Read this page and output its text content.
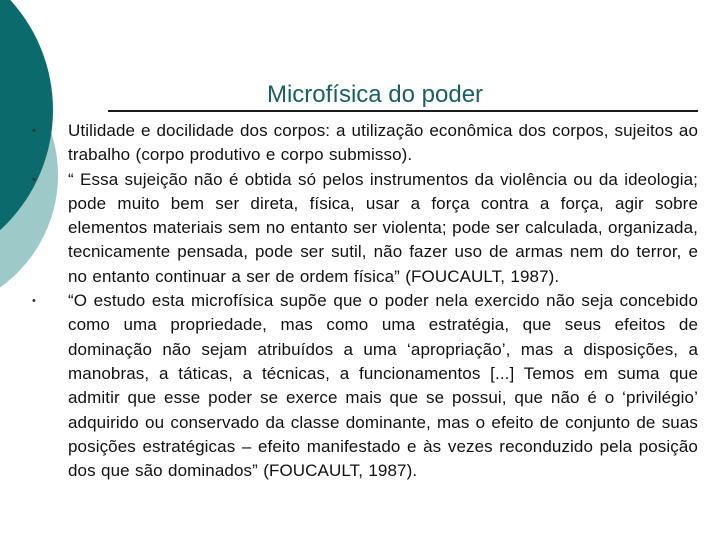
Microfísica do poder
• Utilidade e docilidade dos corpos: a utilização econômica dos corpos, sujeitos ao trabalho (corpo produtivo e corpo submisso).
• “ Essa sujeição não é obtida só pelos instrumentos da violência ou da ideologia; pode muito bem ser direta, física, usar a força contra a força, agir sobre elementos materiais sem no entanto ser violenta; pode ser calculada, organizada, tecnicamente pensada, pode ser sutil, não fazer uso de armas nem do terror, e no entanto continuar a ser de ordem física” (FOUCAULT, 1987).
• “O estudo esta microfísica supõe que o poder nela exercido não seja concebido como uma propriedade, mas como uma estratégia, que seus efeitos de dominação não sejam atribuídos a uma ‘apropriação’, mas a disposições, a manobras, a táticas, a técnicas, a funcionamentos [...] Temos em suma que admitir que esse poder se exerce mais que se possui, que não é o ‘privilégio’ adquirido ou conservado da classe dominante, mas o efeito de conjunto de suas posições estratégicas – efeito manifestado e às vezes reconduzido pela posição dos que são dominados” (FOUCAULT, 1987).
